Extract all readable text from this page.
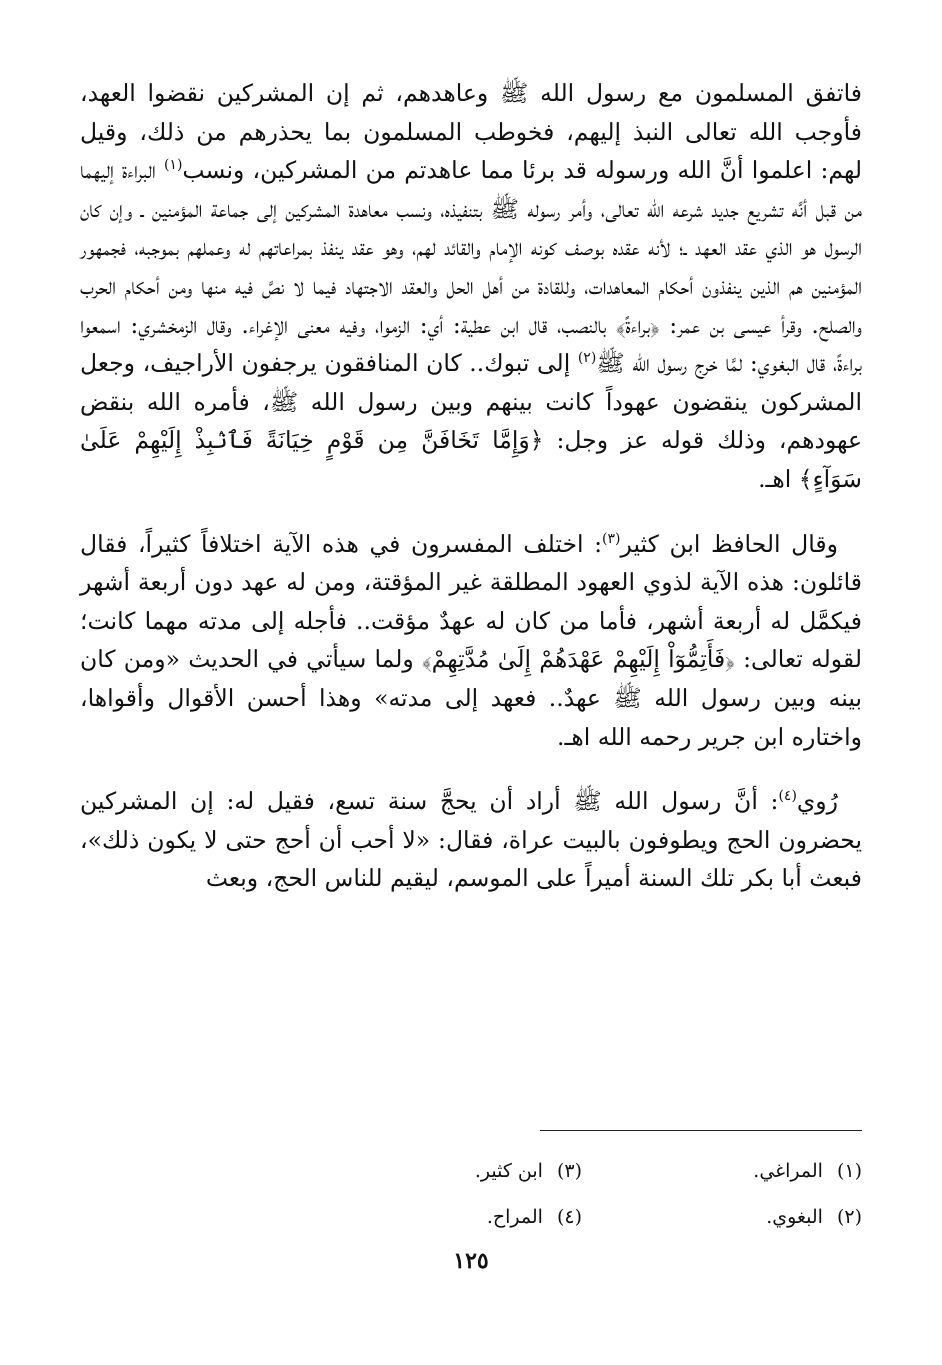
فاتفق المسلمون مع رسول الله ﷺ وعاهدهم، ثم إن المشركين نقضوا العهد، فأوجب الله تعالى النبذ إليهم، فخوطب المسلمون بما يحذرهم من ذلك، وقيل لهم: اعلموا أنَّ الله ورسوله قد برئا مما عاهدتم من المشركين، ونسب$^{(١)}$ البراءة إليهما من قبل أنَّه تشريع جديد شرعه الله تعالى، وأمر رسوله ﷺ بتنفيذه، ونسب معاهدة المشركين إلى جماعة المؤمنين ـ وإن كان الرسول هو الذي عقد العهد ـ؛ لأنه عقده بوصف كونه الإمام والقائد لهم، وهو عقد ينفذ بمراعاتهم له وعملهم بموجبه، فجمهور المؤمنين هم الذين ينفذون أحكام المعاهدات، وللقادة من أهل الحل والعقد الاجتهاد فيما لا نصَّ فيه منها ومن أحكام الحرب والصلح. وقرأ عيسى بن عمر: ﴿براءةً﴾ بالنصب، قال ابن عطية: أي: الزموا، وفيه معنى الإغراء. وقال الزمخشري: اسمعوا براءةً، قال البغوي: لمَّا خرج رسول الله ﷺ$^{(٢)}$ إلى تبوك.. كان المنافقون يرجفون الأراجيف، وجعل المشركون ينقضون عهوداً كانت بينهم وبين رسول الله ﷺ، فأمره الله بنقض عهودهم، وذلك قوله عز وجل: ﴿وَإِمَّا تَخَافَنَّ مِن قَوْمٍ خِيَانَةً فَٱنۢبِذْ إِلَيْهِمْ عَلَىٰ سَوَآءٍ﴾ اهـ.

وقال الحافظ ابن كثير$^{(٣)}$: اختلف المفسرون في هذه الآية اختلافاً كثيراً، فقال قائلون: هذه الآية لذوي العهود المطلقة غير المؤقتة، ومن له عهد دون أربعة أشهر فيكمَّل له أربعة أشهر، فأما من كان له عهدٌ مؤقت.. فأجله إلى مدته مهما كانت؛ لقوله تعالى: ﴿فَأَتِمُّوٓاْ إِلَيْهِمْ عَهْدَهُمْ إِلَىٰ مُدَّتِهِمْ﴾ ولما سيأتي في الحديث «ومن كان بينه وبين رسول الله ﷺ عهدٌ.. فعهد إلى مدته» وهذا أحسن الأقوال وأقواها، واختاره ابن جرير رحمه الله اهـ.

رُوي$^{(٤)}$: أنَّ رسول الله ﷺ أراد أن يحجَّ سنة تسع، فقيل له: إن المشركين يحضرون الحج ويطوفون بالبيت عراة، فقال: «لا أحب أن أحج حتى لا يكون ذلك»، فبعث أبا بكر تلك السنة أميراً على الموسم، ليقيم للناس الحج، وبعث

(١)المراغي.
(٣)ابن كثير.
(٢)البغوي.
(٤)المراح.
١٢٥
